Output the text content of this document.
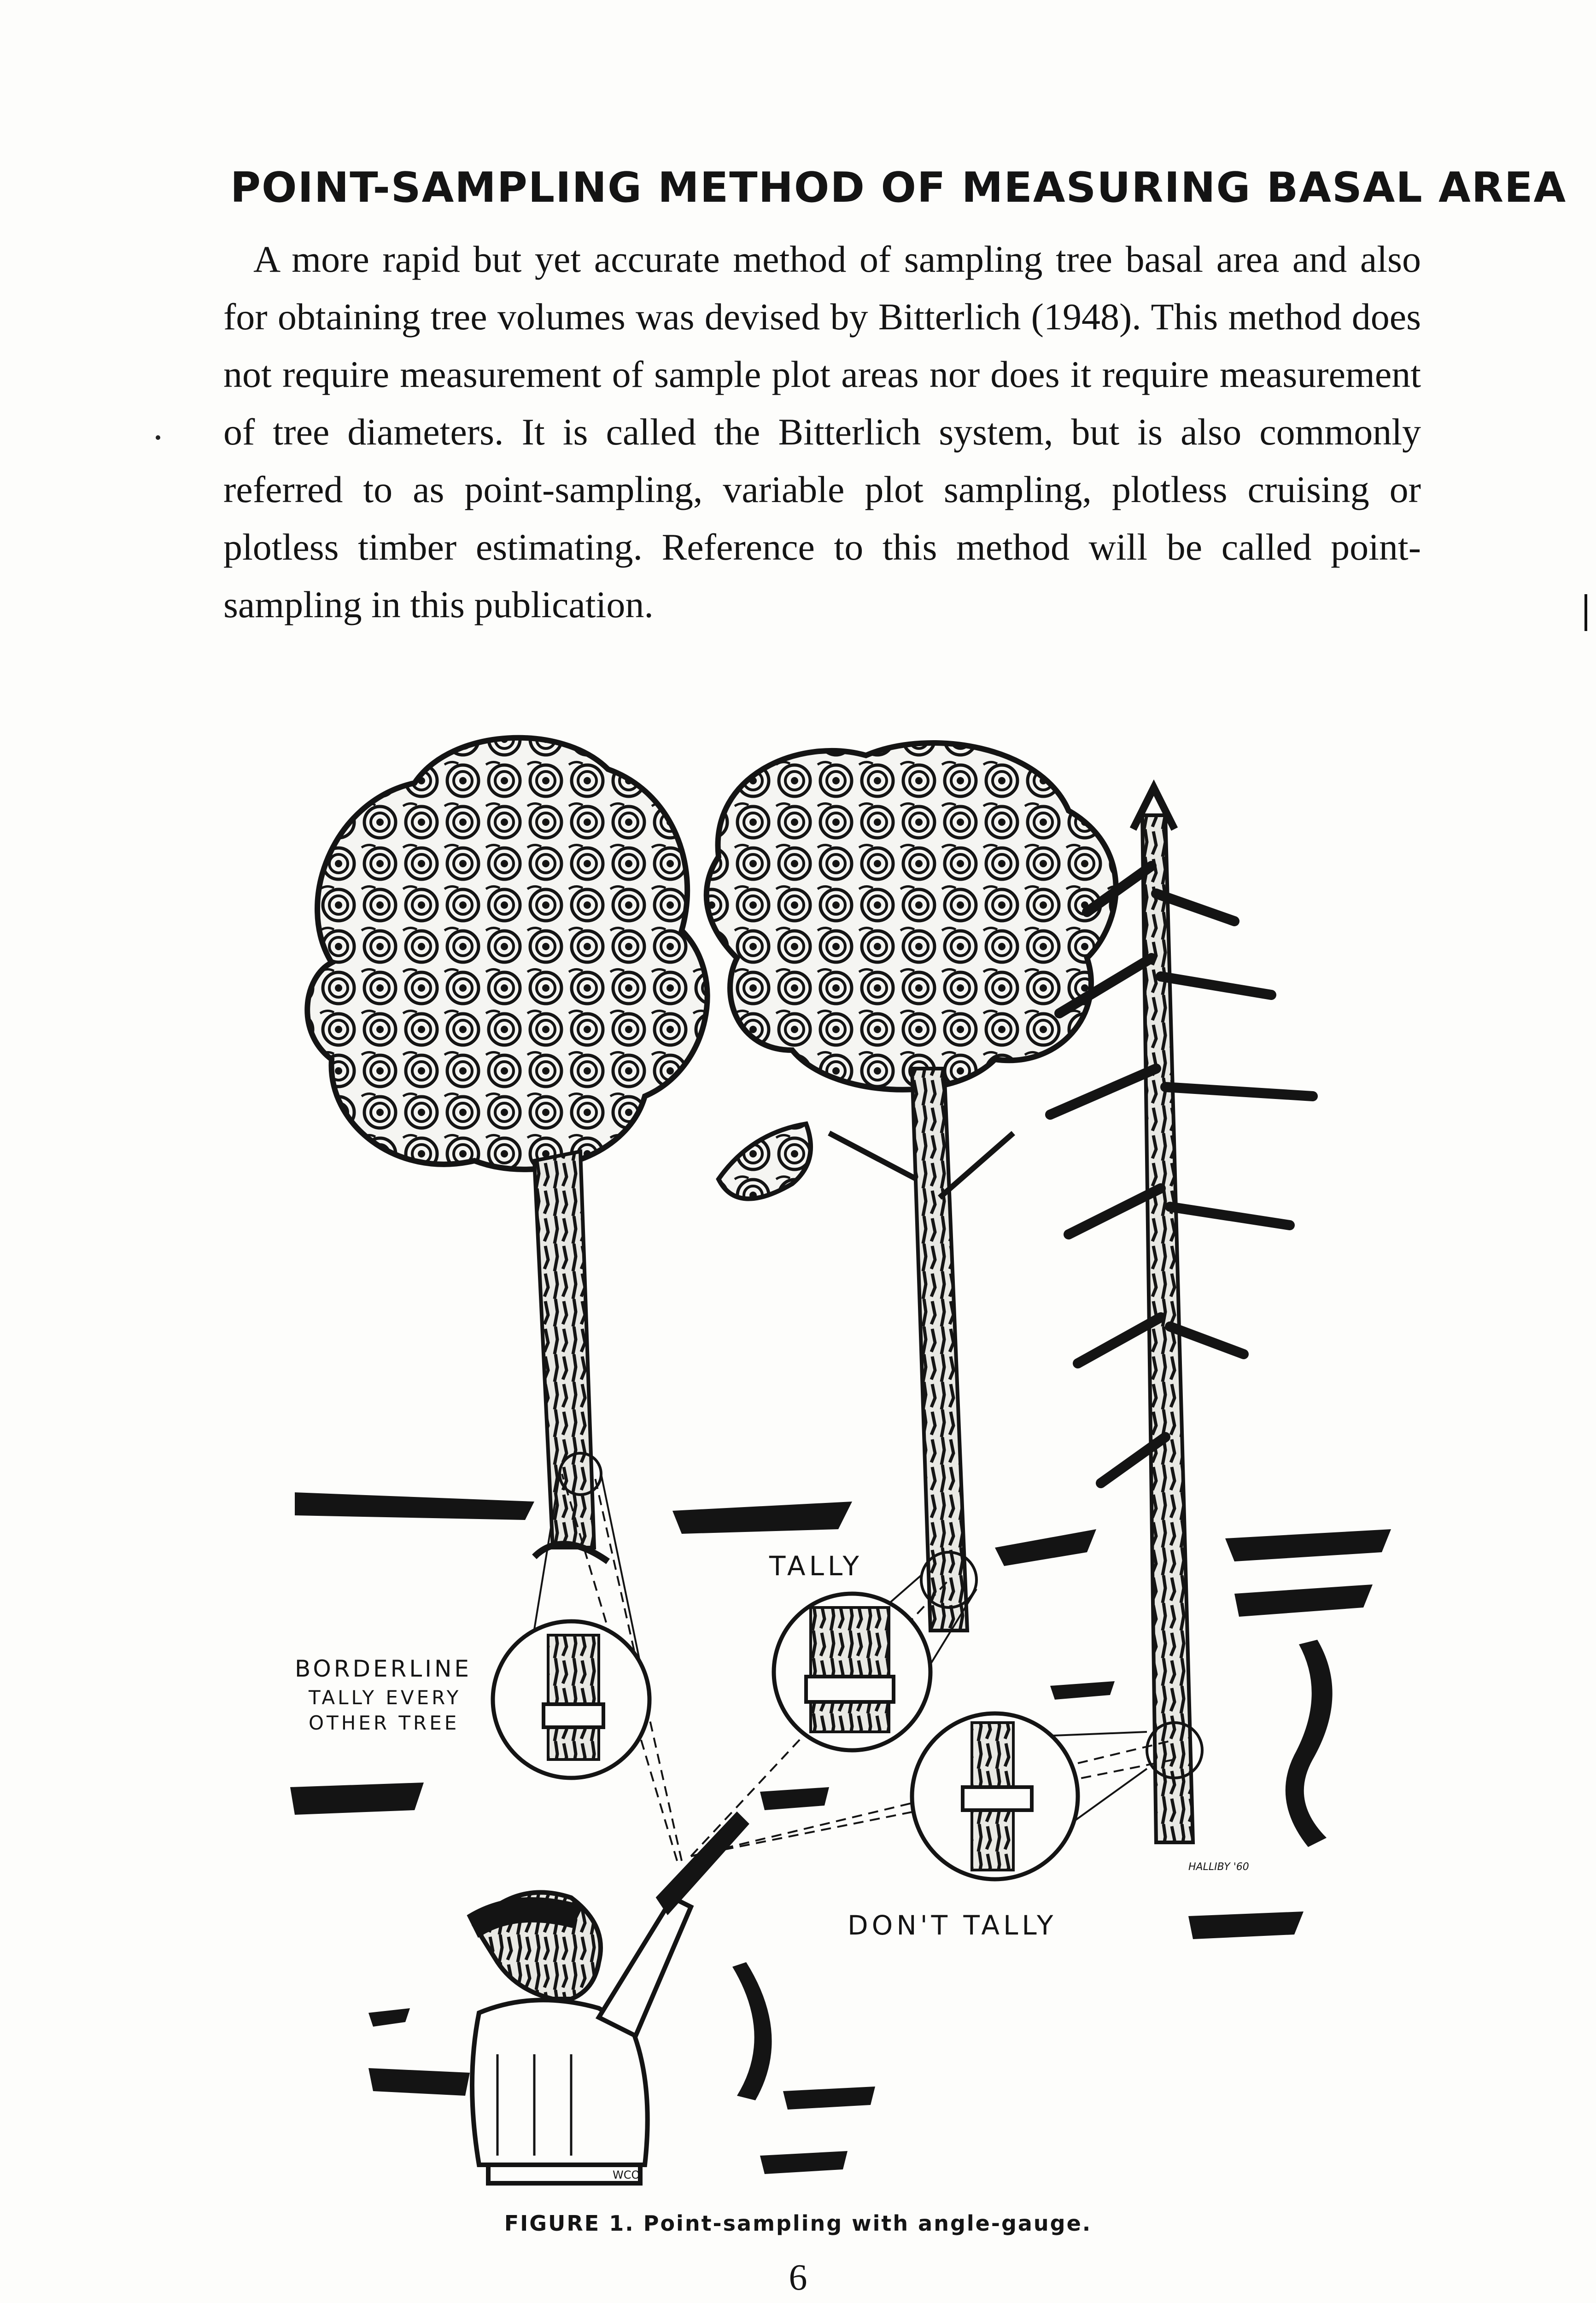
POINT-SAMPLING METHOD OF MEASURING BASAL AREA

A more rapid but yet accurate method of sampling tree basal area and also for obtaining tree volumes was devised by Bitterlich (1948). This method does not require measurement of sample plot areas nor does it require measurement of tree diameters. It is called the Bitterlich system, but is also commonly referred to as point-sampling, variable plot sampling, plotless cruising or plotless timber estimating. Reference to this method will be called point-sampling in this publication.

TALLY
BORDERLINE
TALLY EVERY
OTHER TREE
DON'T TALLY
HALLIBY '60
WCO
FIGURE 1. Point-sampling with angle-gauge.
6
